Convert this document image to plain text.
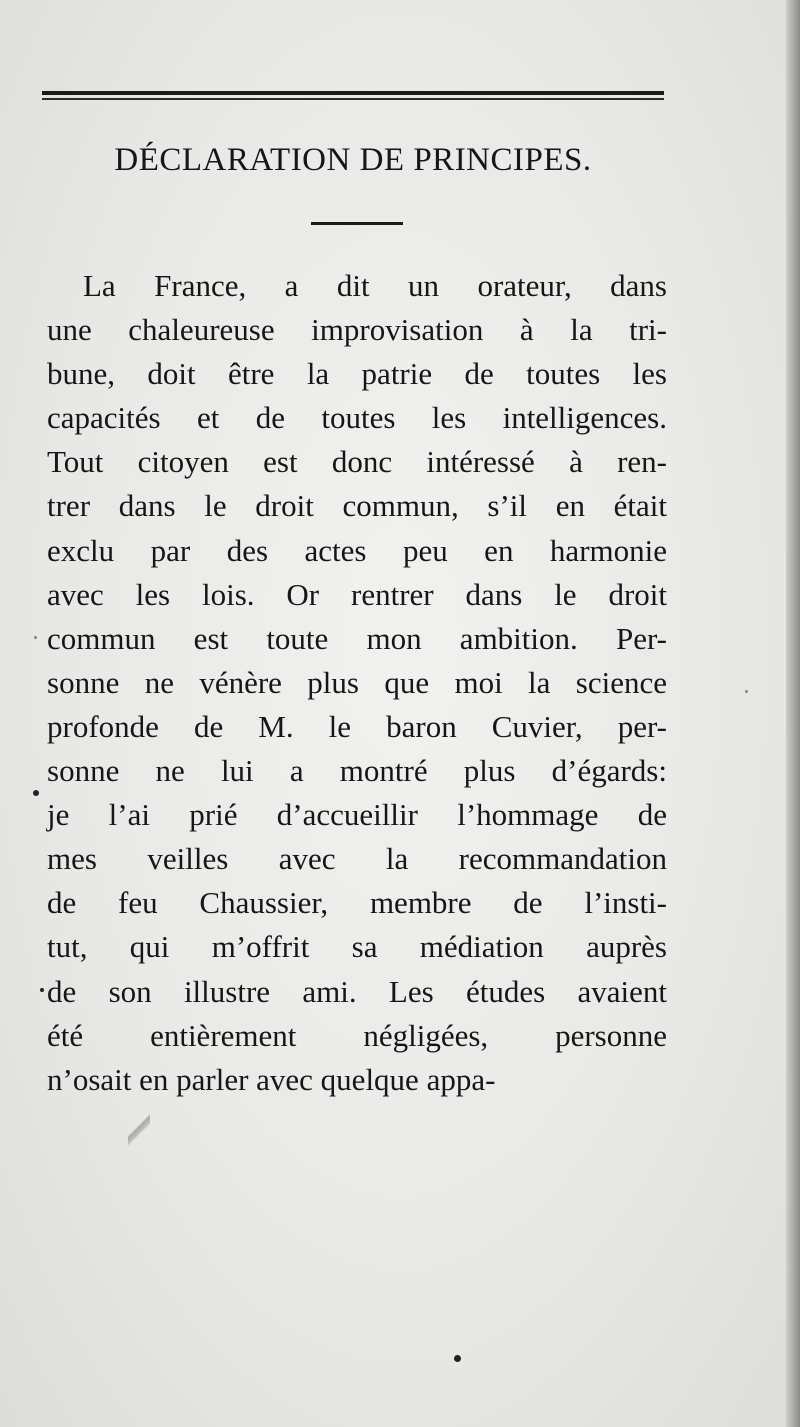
DÉCLARATION DE PRINCIPES.
La France, a dit un orateur, dans
une chaleureuse improvisation à la tri-
bune, doit être la patrie de toutes les
capacités et de toutes les intelligences.
Tout citoyen est donc intéressé à ren-
trer dans le droit commun, s’il en était
exclu par des actes peu en harmonie
avec les lois. Or rentrer dans le droit
commun est toute mon ambition. Per-
sonne ne vénère plus que moi la science
profonde de M. le baron Cuvier, per-
sonne ne lui a montré plus d’égards:
je l’ai prié d’accueillir l’hommage de
mes veilles avec la recommandation
de feu Chaussier, membre de l’insti-
tut, qui m’offrit sa médiation auprès
de son illustre ami. Les études avaient
été entièrement négligées, personne
n’osait en parler avec quelque appa-
